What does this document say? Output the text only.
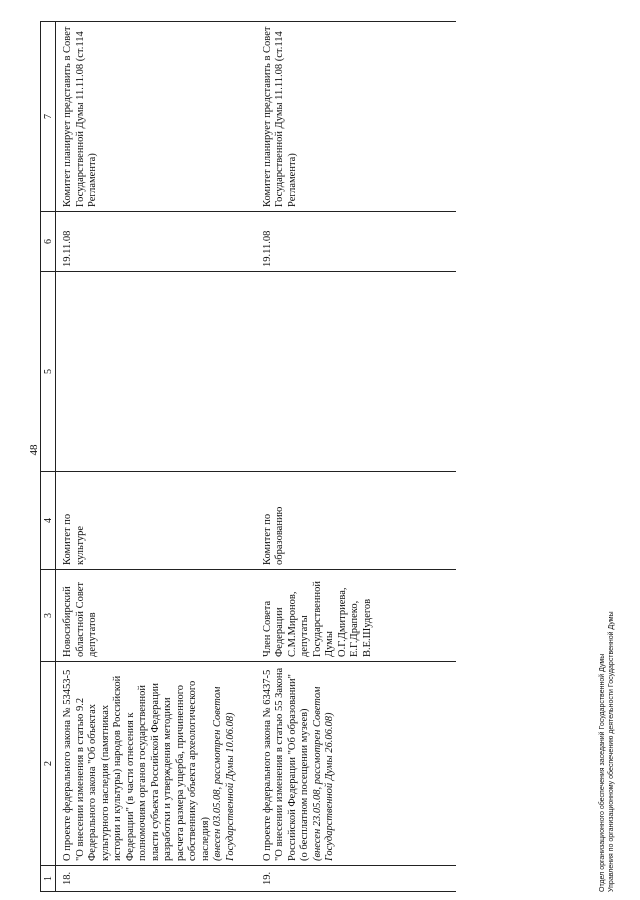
48
1	2	3	4	5	6	7
18.	О проекте федерального закона № 53453-5 "О внесении изменения в статью 9.2 Федерального закона "Об объектах культурного наследия (памятниках истории и культуры) народов Российской Федерации" (в части отнесения к полномочиям органов государственной власти субъекта Российской Федерации разработки и утверждения методики расчета размера ущерба, причиненного собственнику объекта археологического наследия) (внесен 03.05.08, рассмотрен Советом Государственной Думы 10.06.08)	Новосибирский областной Совет депутатов	Комитет по культуре		19.11.08	Комитет планирует представить в Совет Государственной Думы 11.11.08 (ст.114 Регламента)
19.	О проекте федерального закона № 63437-5 "О внесении изменения в статью 55 Закона Российской Федерации "Об образовании" (о бесплатном посещении музеев) (внесен 23.05.08, рассмотрен Советом Государственной Думы 26.06.08)	Член Совета Федерации С.М.Миронов, депутаты Государственной Думы О.Г.Дмитриева, Е.Г.Драпеко, В.Е.Шудегов	Комитет по образованию		19.11.08	Комитет планирует представить в Совет Государственной Думы 11.11.08 (ст.114 Регламента)
Отдел организационного обеспечения заседаний Государственной Думы Управления по организационному обеспечению деятельности Государственной Думы
